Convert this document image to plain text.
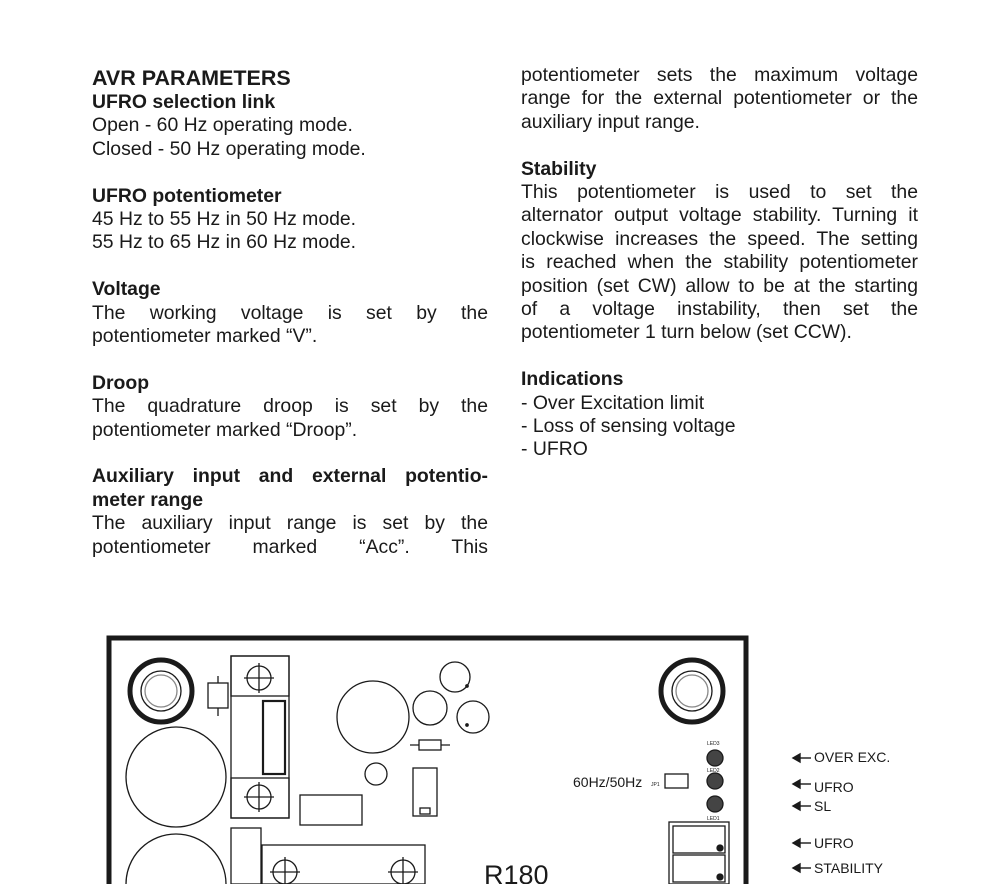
AVR PARAMETERS
UFRO selection link
Open - 60 Hz operating mode.
Closed - 50 Hz operating mode.
UFRO potentiometer
45 Hz to 55 Hz in 50 Hz mode.
55 Hz to 65 Hz in 60 Hz mode.
Voltage
The working voltage is set by the
potentiometer marked “V”.
Droop
The quadrature droop is set by the
potentiometer marked “Droop”.
Auxiliary input and external potentio-
meter range
The auxiliary input range is set by the
potentiometer marked “Acc”. This
potentiometer sets the maximum voltage
range for the external potentiometer or the
auxiliary input range.
Stability
This potentiometer is used to set the
alternator output voltage stability. Turning it
clockwise increases the speed. The setting
is reached when the stability potentiometer
position (set CW) allow to be at the starting
of a voltage instability, then set the
potentiometer 1 turn below (set CCW).
Indications
- Over Excitation limit
- Loss of sensing voltage
- UFRO
R180
60Hz/50Hz JP1
LED3
LED2
LED1
OVER EXC.
UFRO
SL
UFRO
STABILITY
